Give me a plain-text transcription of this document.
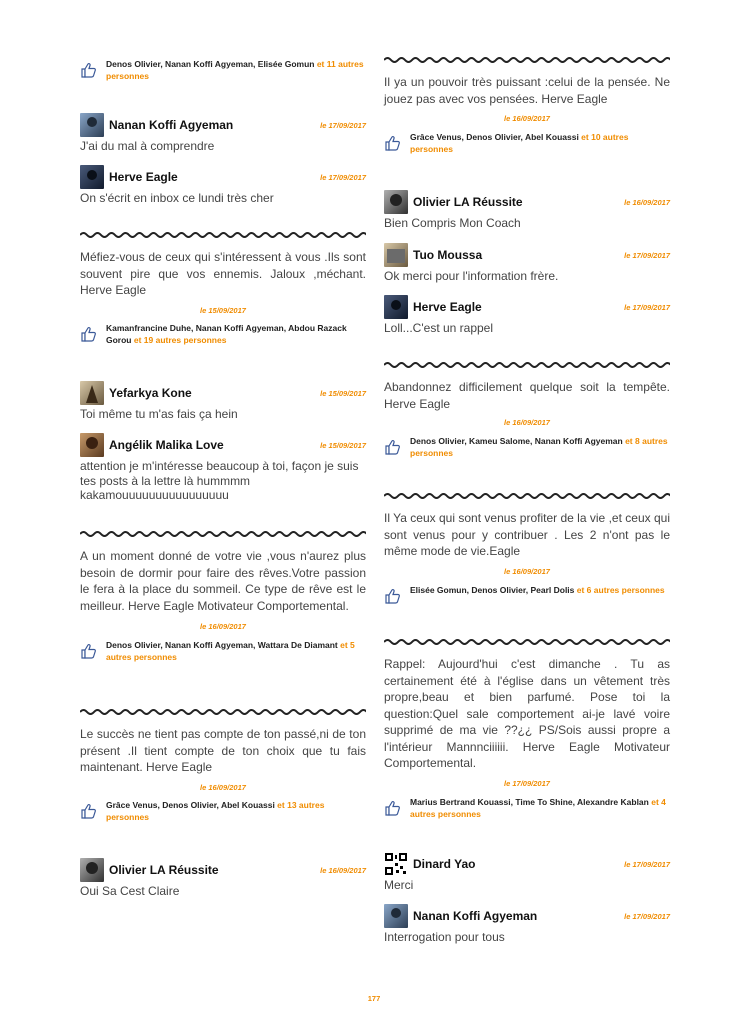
Denos Olivier, Nanan Koffi Agyeman, Elisée Gomun et 11 autres personnes
Nanan Koffi Agyeman	le 17/09/2017

J'ai du mal à comprendre

Herve Eagle	le 17/09/2017

On s'écrit en inbox ce lundi très cher

Méfiez-vous de ceux qui s'intéressent à vous .Ils sont souvent pire que vos ennemis. Jaloux ,méchant. Herve Eagle

le 15/09/2017

Kamanfrancine Duhe, Nanan Koffi Agyeman, Abdou Razack Gorou et 19 autres personnes
Yefarkya Kone	le 15/09/2017

Toi même tu m'as fais ça hein

Angélik Malika Love	le 15/09/2017

attention je m'intéresse beaucoup à toi, façon je suis tes posts à la lettre là hummmm kakamouuuuuuuuuuuuuuuu

A un moment donné de votre vie ,vous n'aurez plus besoin de dormir pour faire des rêves.Votre passion le fera à la place du sommeil. Ce type de rêve est le meilleur. Herve Eagle Motivateur Comportemental.

le 16/09/2017

Denos Olivier, Nanan Koffi Agyeman, Wattara De Diamant et 5 autres personnes

Le succès ne tient pas compte de ton passé,ni de ton présent .Il tient compte de ton choix que tu fais maintenant. Herve Eagle

le 16/09/2017

Grâce Venus, Denos Olivier, Abel Kouassi et 13 autres personnes
Olivier LA Réussite	le 16/09/2017

Oui Sa Cest Claire

Il ya un pouvoir très puissant :celui de la pensée. Ne jouez pas avec vos pensées. Herve Eagle

le 16/09/2017

Grâce Venus, Denos Olivier, Abel Kouassi et 10 autres personnes
Olivier LA Réussite	le 16/09/2017

Bien Compris Mon Coach

Tuo Moussa	le 17/09/2017

Ok merci pour l'information frère.

Herve Eagle	le 17/09/2017

Loll...C'est un rappel

Abandonnez difficilement quelque soit la tempête. Herve Eagle

le 16/09/2017

Denos Olivier, Kameu Salome, Nanan Koffi Agyeman et 8 autres personnes

Il Ya ceux qui sont venus profiter de la vie ,et ceux qui sont venus pour y contribuer . Les 2 n'ont pas le même mode de vie.Eagle

le 16/09/2017

Elisée Gomun, Denos Olivier, Pearl Dolis et 6 autres personnes

Rappel: Aujourd'hui c'est dimanche . Tu as certainement été à l'église dans un vêtement très propre,beau et bien parfumé. Pose toi la question:Quel sale comportement ai-je lavé voire supprimé de ma vie ??¿¿ PS/Sois aussi propre a l'intérieur Mannnciiiiii. Herve Eagle Motivateur Comportemental.

le 17/09/2017

Marius Bertrand Kouassi, Time To Shine, Alexandre Kablan et 4 autres personnes
Dinard Yao	le 17/09/2017

Merci

Nanan Koffi Agyeman	le 17/09/2017

Interrogation pour tous

177
